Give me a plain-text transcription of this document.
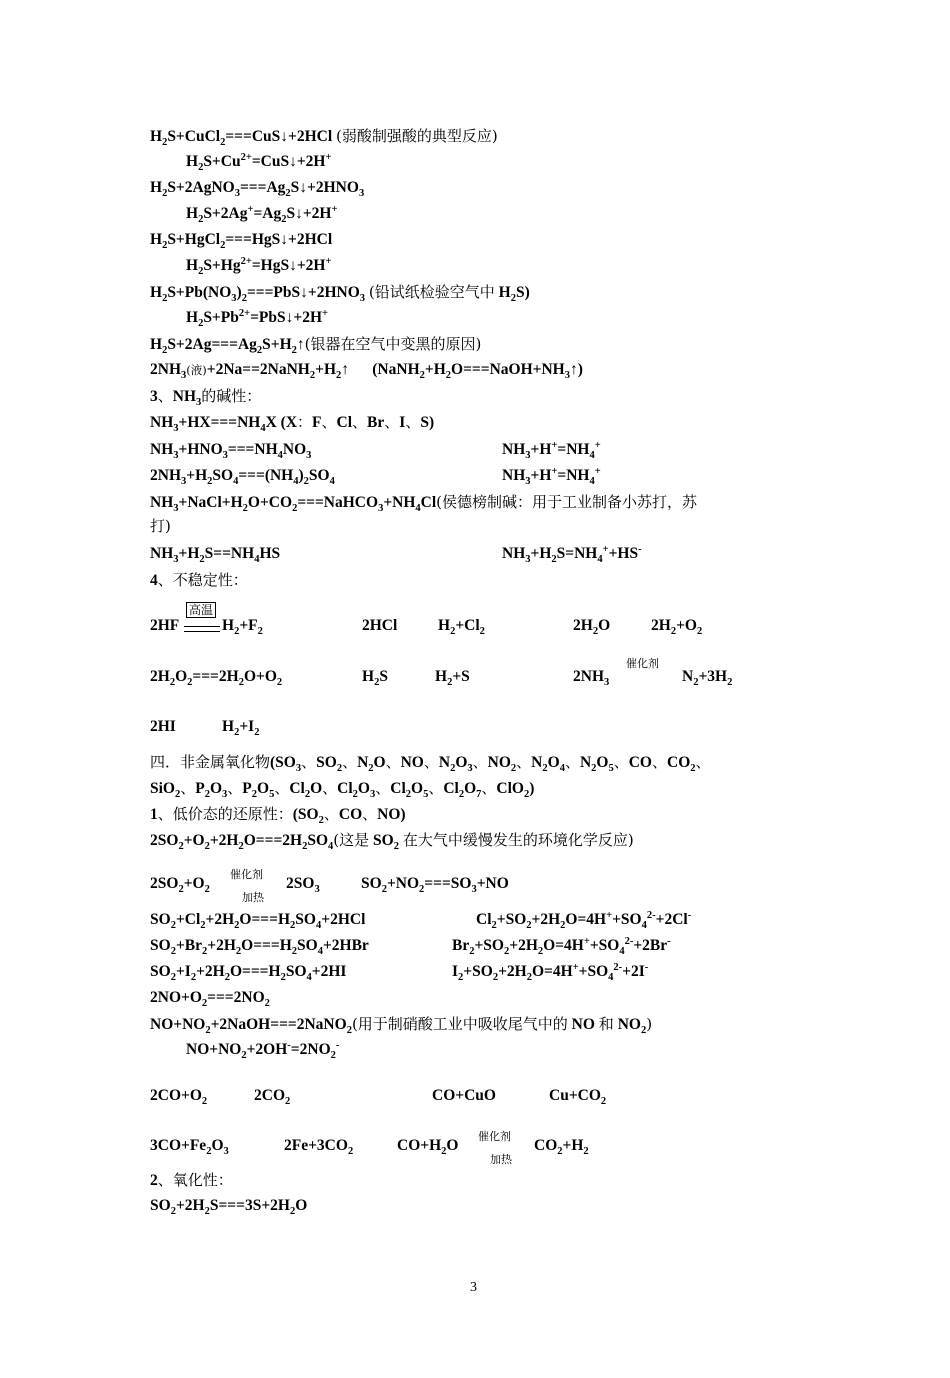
3
$H_2S+CuCl_2===CuS↓+2HCl$ (弱酸制强酸的典型反应)
$H_2S+Cu^{2+}=CuS↓+2H^+$
$H_2S+2AgNO_3===Ag_2S↓+2HNO_3$
$H_2S+2Ag^+=Ag_2S↓+2H^+$
$H_2S+HgCl_2===HgS↓+2HCl$
$H_2S+Hg^{2+}=HgS↓+2H^+$
$H_2S+Pb(NO_3)_2===PbS↓+2HNO_3$ (铅试纸检验空气中 $H_2S$)
$H_2S+Pb^{2+}=PbS↓+2H^+$
$H_2S+2Ag===Ag_2S+H_2↑$(银器在空气中变黑的原因)
$2NH_3$(液)$+2Na==2NaNH_2+H_2↑$      $(NaNH_2+H_2O===NaOH+NH_3↑)$
3、$NH_3$的碱性：
$NH_3+HX===NH_4X$ (X：F、Cl、Br、I、S)
$NH_3+HNO_3===NH_4NO_3$	$NH_3+H^+=NH_4^+$
$2NH_3+H_2SO_4===(NH_4)_2SO_4$	$NH_3+H^+=NH_4^+$
$NH_3+NaCl+H_2O+CO_2===NaHCO_3+NH_4Cl$(侯德榜制碱：用于工业制备小苏打，苏
打)
$NH_3+H_2S==NH_4HS$	$NH_3+H_2S=NH_4^++HS^-$
4、不稳定性：
2HF	$H_2+F_2$	2HCl	$H_2+Cl_2$	$2H_2O$	$2H_2+O_2$
$2H_2O_2===2H_2O+O_2$	$H_2S$	$H_2+S$	$2NH_3$	$N_2+3H_2$
2HI	$H_2+I_2$
四．非金属氧化物($SO_3$、$SO_2$、$N_2O$、NO、$N_2O_3$、$NO_2$、$N_2O_4$、$N_2O_5$、CO、$CO_2$、
SiO$_2$、$P_2O_3$、$P_2O_5$、$Cl_2O$、$Cl_2O_3$、$Cl_2O_5$、$Cl_2O_7$、ClO$_2$)
1、低价态的还原性：($SO_2$、CO、NO)
$2SO_2+O_2+2H_2O===2H_2SO_4$(这是 $SO_2$ 在大气中缓慢发生的环境化学反应)
$2SO_2+O_2$	$2SO_3$	$SO_2+NO_2===SO_3+NO$
$SO_2+Cl_2+2H_2O===H_2SO_4+2HCl$	$Cl_2+SO_2+2H_2O=4H^++SO_4^{2-}+2Cl^-$
$SO_2+Br_2+2H_2O===H_2SO_4+2HBr$	$Br_2+SO_2+2H_2O=4H^++SO_4^{2-}+2Br^-$
$SO_2+I_2+2H_2O===H_2SO_4+2HI$	$I_2+SO_2+2H_2O=4H^++SO_4^{2-}+2I^-$
$2NO+O_2===2NO_2$
$NO+NO_2+2NaOH===2NaNO_2$(用于制硝酸工业中吸收尾气中的 NO 和 $NO_2$)
$NO+NO_2+2OH^-=2NO_2^-$
$2CO+O_2$	$2CO_2$	CO+CuO	$Cu+CO_2$
$3CO+Fe_2O_3$	$2Fe+3CO_2$	$CO+H_2O$	$CO_2+H_2$
2、氧化性：
$SO_2+2H_2S===3S+2H_2O$
高温
催化剂
催化剂
加热
催化剂
加热
